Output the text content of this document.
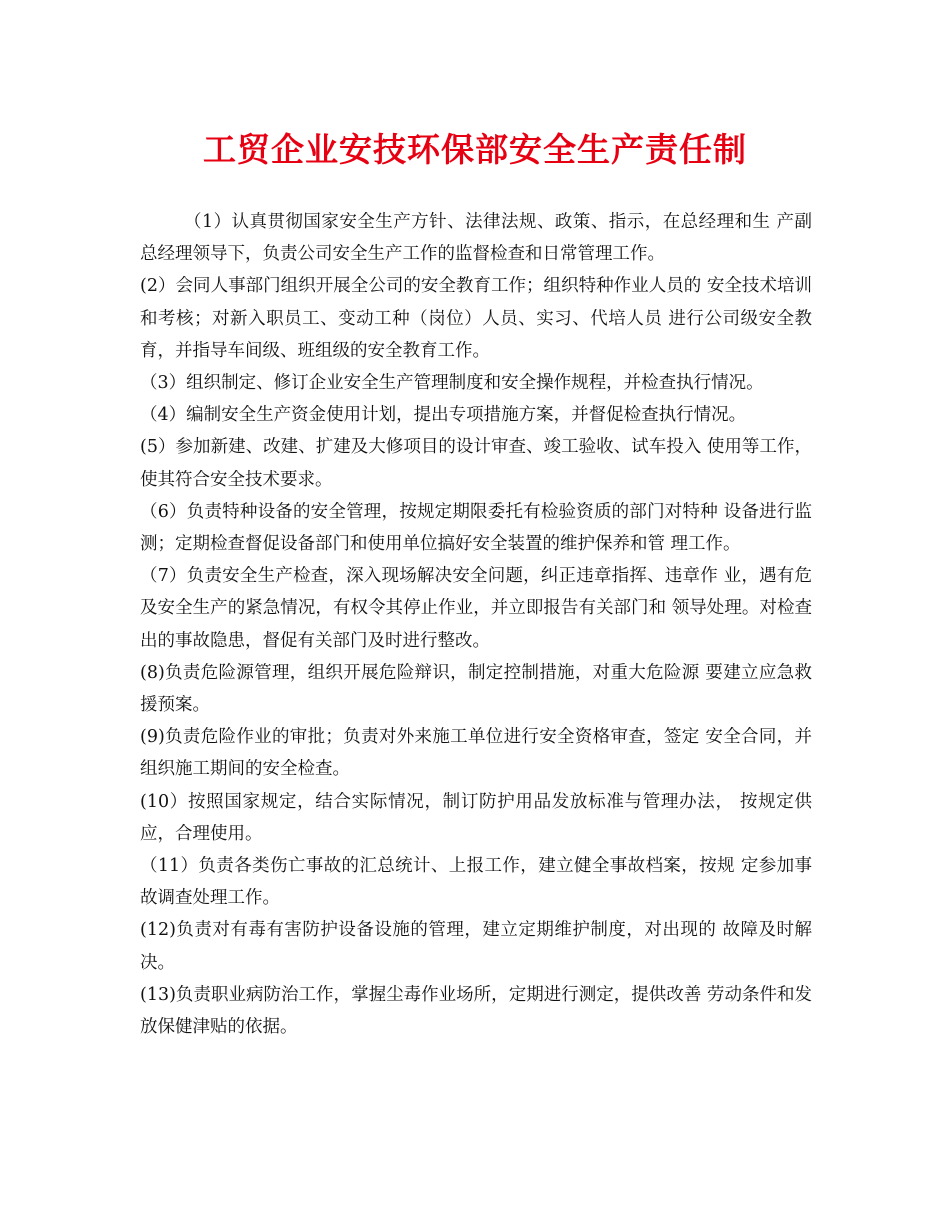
工贸企业安技环保部安全生产责任制

（1）认真贯彻国家安全生产方针、法律法规、政策、指示，在总经理和生 产副总经理领导下，负责公司安全生产工作的监督检查和日常管理工作。

(2）会同人事部门组织开展全公司的安全教育工作；组织特种作业人员的 安全技术培训和考核；对新入职员工、变动工种（岗位）人员、实习、代培人员 进行公司级安全教育，并指导车间级、班组级的安全教育工作。

（3）组织制定、修订企业安全生产管理制度和安全操作规程，并检查执行情况。

（4）编制安全生产资金使用计划，提出专项措施方案，并督促检查执行情况。

(5）参加新建、改建、扩建及大修项目的设计审查、竣工验收、试车投入 使用等工作，使其符合安全技术要求。

（6）负责特种设备的安全管理，按规定期限委托有检验资质的部门对特种 设备进行监测；定期检查督促设备部门和使用单位搞好安全装置的维护保养和管 理工作。

（7）负责安全生产检查，深入现场解决安全问题，纠正违章指挥、违章作 业，遇有危及安全生产的紧急情况，有权令其停止作业，并立即报告有关部门和 领导处理。对检查出的事故隐患，督促有关部门及时进行整改。

(8)负责危险源管理，组织开展危险辩识，制定控制措施，对重大危险源 要建立应急救援预案。

(9)负责危险作业的审批；负责对外来施工单位进行安全资格审查，签定 安全合同，并组织施工期间的安全检查。

(10）按照国家规定，结合实际情况，制订防护用品发放标准与管理办法， 按规定供应，合理使用。

（11）负责各类伤亡事故的汇总统计、上报工作，建立健全事故档案，按规 定参加事故调查处理工作。

(12)负责对有毒有害防护设备设施的管理，建立定期维护制度，对出现的 故障及时解决。

(13)负责职业病防治工作，掌握尘毒作业场所，定期进行测定，提供改善 劳动条件和发放保健津贴的依据。
